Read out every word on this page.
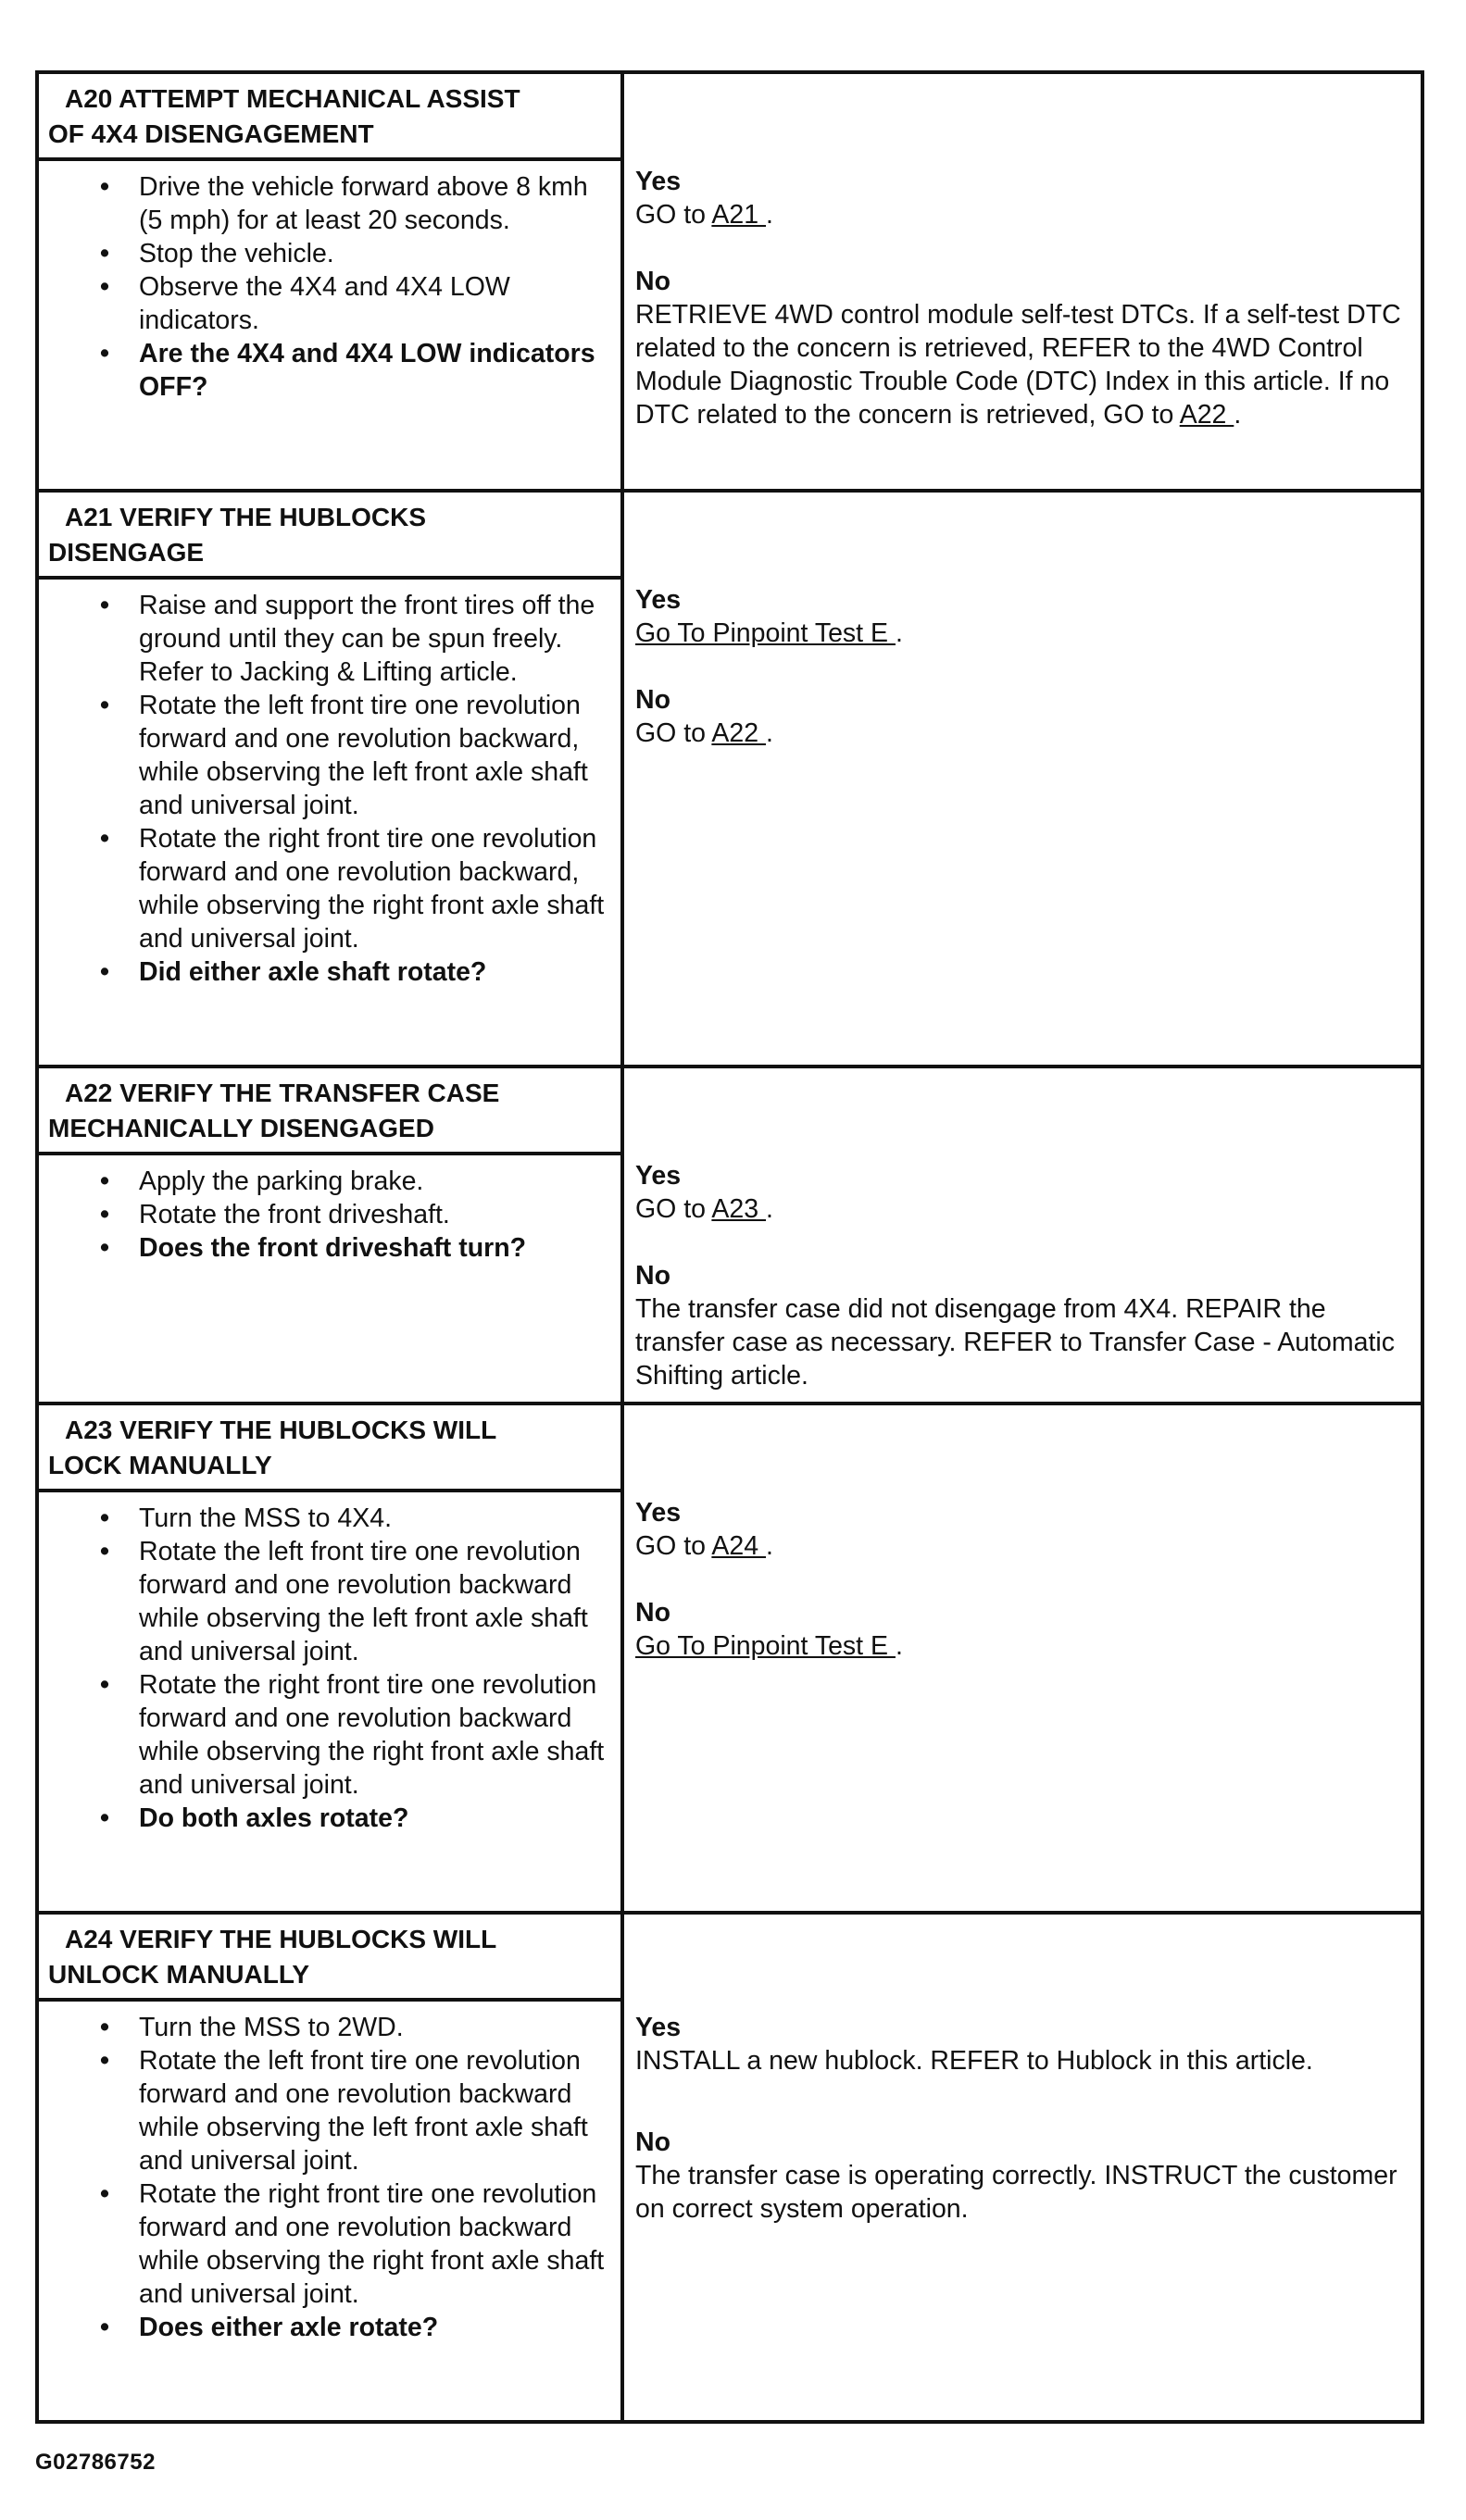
A20 ATTEMPT MECHANICAL ASSIST
OF 4X4 DISENGAGEMENT
• Drive the vehicle forward above 8 kmh (5 mph) for at least 20 seconds.
• Stop the vehicle.
• Observe the 4X4 and 4X4 LOW indicators.
• Are the 4X4 and 4X4 LOW indicators OFF?
Yes
GO to A21 .
No
RETRIEVE 4WD control module self-test DTCs. If a self-test DTC related to the concern is retrieved, REFER to the 4WD Control Module Diagnostic Trouble Code (DTC) Index in this article. If no DTC related to the concern is retrieved, GO to A22 .
A21 VERIFY THE HUBLOCKS
DISENGAGE
• Raise and support the front tires off the ground until they can be spun freely. Refer to Jacking & Lifting article.
• Rotate the left front tire one revolution forward and one revolution backward, while observing the left front axle shaft and universal joint.
• Rotate the right front tire one revolution forward and one revolution backward, while observing the right front axle shaft and universal joint.
• Did either axle shaft rotate?
Yes
Go To Pinpoint Test E .
No
GO to A22 .
A22 VERIFY THE TRANSFER CASE
MECHANICALLY DISENGAGED
• Apply the parking brake.
• Rotate the front driveshaft.
• Does the front driveshaft turn?
Yes
GO to A23 .
No
The transfer case did not disengage from 4X4. REPAIR the transfer case as necessary. REFER to Transfer Case - Automatic Shifting article.
A23 VERIFY THE HUBLOCKS WILL
LOCK MANUALLY
• Turn the MSS to 4X4.
• Rotate the left front tire one revolution forward and one revolution backward while observing the left front axle shaft and universal joint.
• Rotate the right front tire one revolution forward and one revolution backward while observing the right front axle shaft and universal joint.
• Do both axles rotate?
Yes
GO to A24 .
No
Go To Pinpoint Test E .
A24 VERIFY THE HUBLOCKS WILL
UNLOCK MANUALLY
• Turn the MSS to 2WD.
• Rotate the left front tire one revolution forward and one revolution backward while observing the left front axle shaft and universal joint.
• Rotate the right front tire one revolution forward and one revolution backward while observing the right front axle shaft and universal joint.
• Does either axle rotate?
Yes
INSTALL a new hublock. REFER to Hublock in this article.
No
The transfer case is operating correctly. INSTRUCT the customer on correct system operation.
G02786752
